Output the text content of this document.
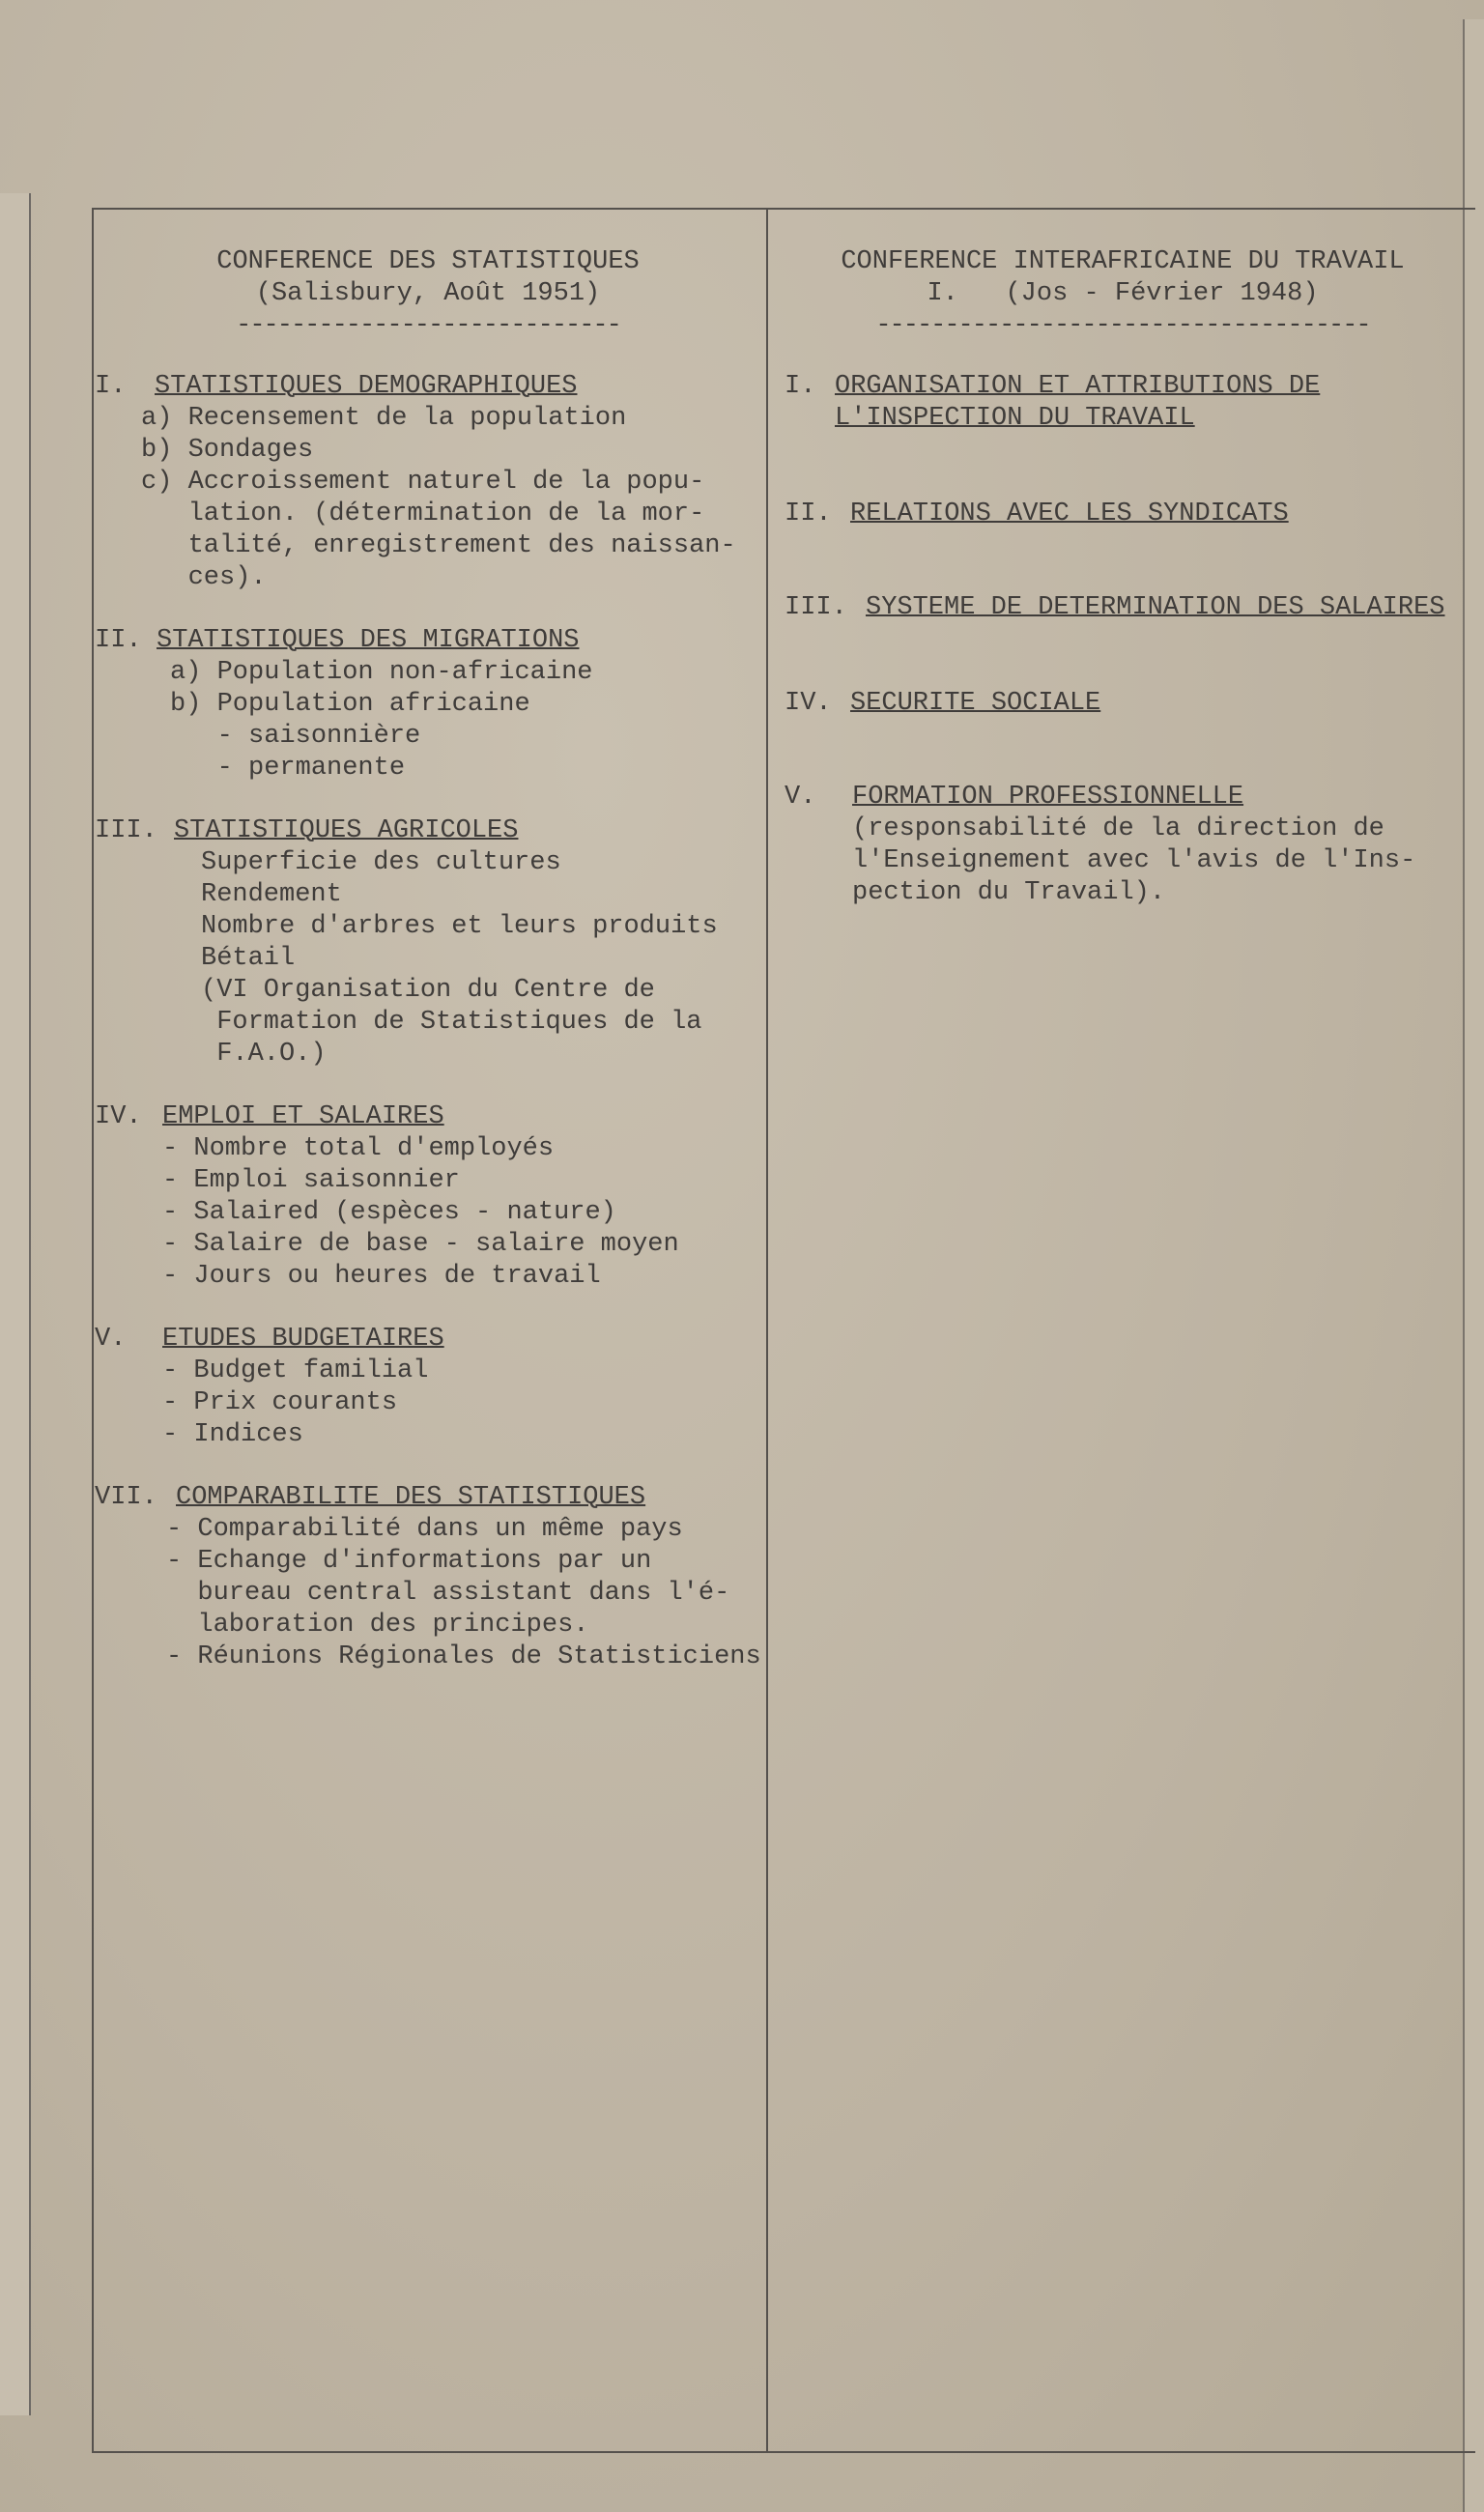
CONFERENCE DES STATISTIQUES
(Salisbury, Août 1951)
----------------------------
I.	STATISTIQUES DEMOGRAPHIQUES
a) Recensement de la population
b) Sondages
c) Accroissement naturel de la popu-
lation. (détermination de la mor-
talité, enregistrement des naissan-
ces).
II. STATISTIQUES DES MIGRATIONS
a) Population non-africaine
b) Population africaine
- saisonnière
- permanente
III. STATISTIQUES AGRICOLES
Superficie des cultures
Rendement
Nombre d'arbres et leurs produits
Bétail
(VI Organisation du Centre de
Formation de Statistiques de la
F.A.O.)
IV. EMPLOI ET SALAIRES
- Nombre total d'employés
- Emploi saisonnier
- Salaired (espèces - nature)
- Salaire de base - salaire moyen
- Jours ou heures de travail
V.	ETUDES BUDGETAIRES
- Budget familial
- Prix courants
- Indices
VII. COMPARABILITE DES STATISTIQUES
- Comparabilité dans un même pays
- Echange d'informations par un
bureau central assistant dans l'é-
laboration des principes.
- Réunions Régionales de Statisticiens
CONFERENCE INTERAFRICAINE DU TRAVAIL
I.   (Jos - Février 1948)
------------------------------------
I. ORGANISATION ET ATTRIBUTIONS DE
L'INSPECTION DU TRAVAIL
II. RELATIONS AVEC LES SYNDICATS
III. SYSTEME DE DETERMINATION DES SALAIRES
IV. SECURITE SOCIALE
V.	FORMATION PROFESSIONNELLE
(responsabilité de la direction de
l'Enseignement avec l'avis de l'Ins-
pection du Travail).
